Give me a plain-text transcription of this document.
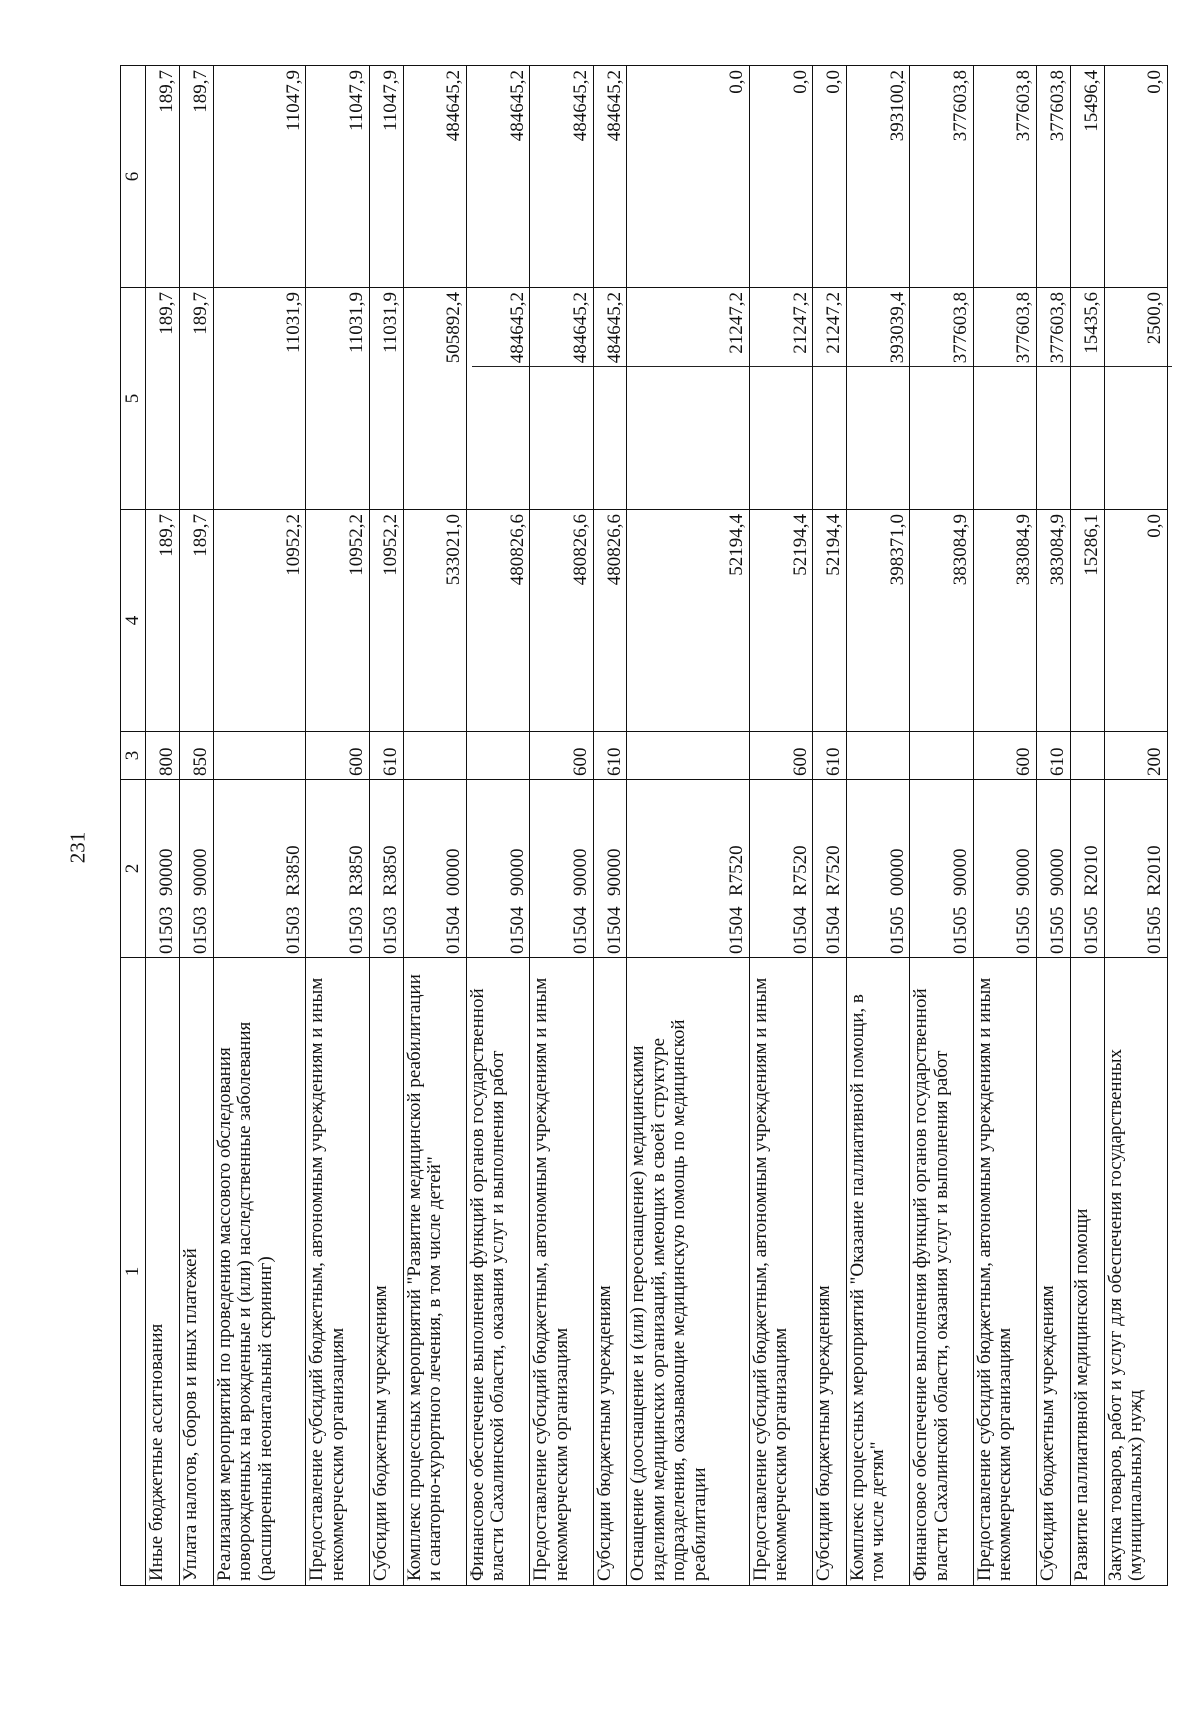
231
1	2	3	4	5	6
Иные бюджетные ассигнования	0150390000	800	189,7	189,7	189,7
Уплата налогов, сборов и иных платежей	0150390000	850	189,7	189,7	189,7
Реализация мероприятий по проведению массового обследования новорожденных на врожденные и (или) наследственные заболевания (расширенный неонатальный скрининг)	01503R3850		10952,2	11031,9	11047,9
Предоставление субсидий бюджетным, автономным учреждениям и иным некоммерческим организациям	01503R3850	600	10952,2	11031,9	11047,9
Субсидии бюджетным учреждениям	01503R3850	610	10952,2	11031,9	11047,9
Комплекс процессных мероприятий "Развитие медицинской реабилитации и санаторно-курортного лечения, в том числе детей"	0150400000		533021,0	505892,4	484645,2
Финансовое обеспечение выполнения функций органов государственной власти Сахалинской области, оказания услуг и выполнения работ	0150490000		480826,6	484645,2	484645,2
Предоставление субсидий бюджетным, автономным учреждениям и иным некоммерческим организациям	0150490000	600	480826,6	484645,2	484645,2
Субсидии бюджетным учреждениям	0150490000	610	480826,6	484645,2	484645,2
Оснащение (дооснащение и (или) переоснащение) медицинскими изделиями медицинских организаций, имеющих в своей структуре подразделения, оказывающие медицинскую помощь по медицинской реабилитации	01504R7520		52194,4	21247,2	0,0
Предоставление субсидий бюджетным, автономным учреждениям и иным некоммерческим организациям	01504R7520	600	52194,4	21247,2	0,0
Субсидии бюджетным учреждениям	01504R7520	610	52194,4	21247,2	0,0
Комплекс процессных мероприятий "Оказание паллиативной помощи, в том числе детям"	0150500000		398371,0	393039,4	393100,2
Финансовое обеспечение выполнения функций органов государственной власти Сахалинской области, оказания услуг и выполнения работ	0150590000		383084,9	377603,8	377603,8
Предоставление субсидий бюджетным, автономным учреждениям и иным некоммерческим организациям	0150590000	600	383084,9	377603,8	377603,8
Субсидии бюджетным учреждениям	0150590000	610	383084,9	377603,8	377603,8
Развитие паллиативной медицинской помощи	01505R2010		15286,1	15435,6	15496,4
Закупка товаров, работ и услуг для обеспечения государственных (муниципальных) нужд	01505R2010	200	0,0	2500,0	0,0
